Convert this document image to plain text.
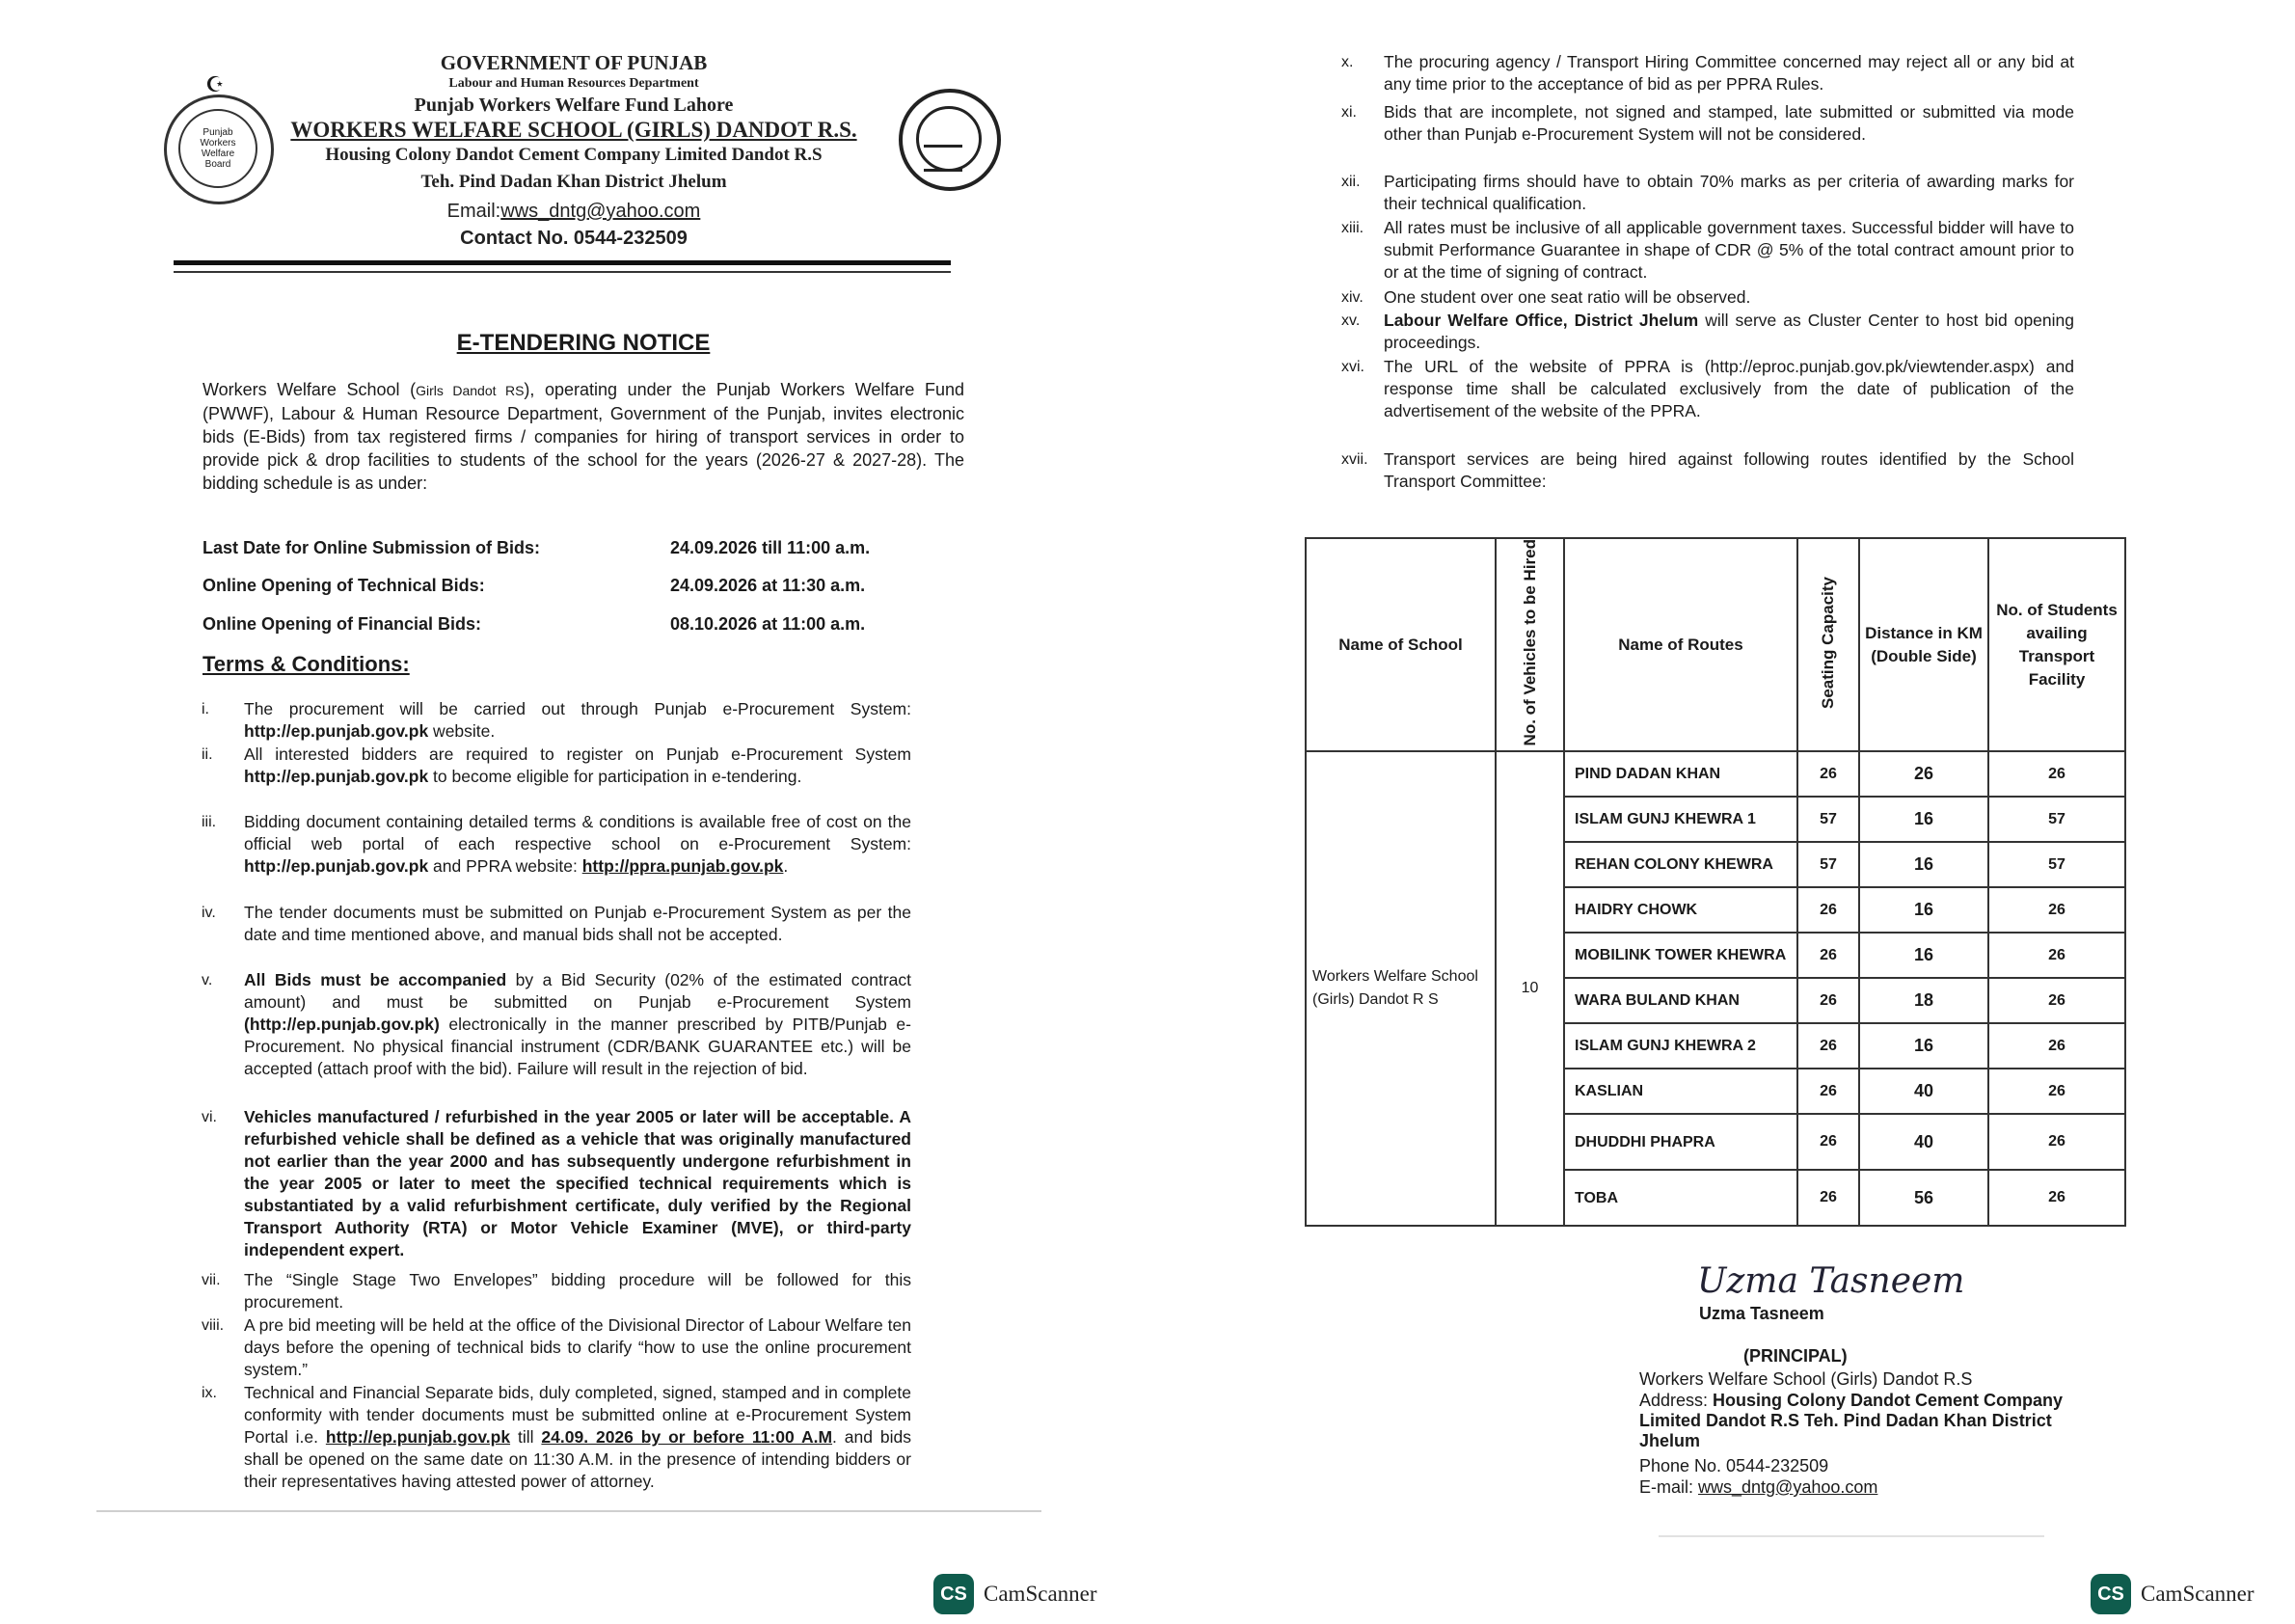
☪
Punjab
Workers
Welfare
Board
GOVERNMENT OF PUNJAB
Labour and Human Resources Department
Punjab Workers Welfare Fund Lahore
WORKERS WELFARE SCHOOL (GIRLS) DANDOT R.S.
Housing Colony Dandot Cement Company Limited Dandot R.S
Teh. Pind Dadan Khan District Jhelum
Email:wws_dntg@yahoo.com
Contact No. 0544-232509
E-TENDERING NOTICE
Workers Welfare School (Girls Dandot RS), operating under the Punjab Workers Welfare Fund (PWWF), Labour & Human Resource Department, Government of the Punjab, invites electronic bids (E-Bids) from tax registered firms / companies for hiring of transport services in order to provide pick & drop facilities to students of the school for the years (2026-27 & 2027-28). The bidding schedule is as under:
Last Date for Online Submission of Bids:	24.09.2026 till 11:00 a.m.
Online Opening of Technical Bids:	24.09.2026 at 11:30 a.m.
Online Opening of Financial Bids:	08.10.2026 at 11:00 a.m.
Terms & Conditions:
i. The procurement will be carried out through Punjab e-Procurement System: http://ep.punjab.gov.pk website.
ii. All interested bidders are required to register on Punjab e-Procurement System http://ep.punjab.gov.pk to become eligible for participation in e-tendering.
iii. Bidding document containing detailed terms & conditions is available free of cost on the official web portal of each respective school on e-Procurement System: http://ep.punjab.gov.pk and PPRA website: http://ppra.punjab.gov.pk.
iv. The tender documents must be submitted on Punjab e-Procurement System as per the date and time mentioned above, and manual bids shall not be accepted.
v. All Bids must be accompanied by a Bid Security (02% of the estimated contract amount) and must be submitted on Punjab e-Procurement System (http://ep.punjab.gov.pk) electronically in the manner prescribed by PITB/Punjab e-Procurement. No physical financial instrument (CDR/BANK GUARANTEE etc.) will be accepted (attach proof with the bid). Failure will result in the rejection of bid.
vi. Vehicles manufactured / refurbished in the year 2005 or later will be acceptable. A refurbished vehicle shall be defined as a vehicle that was originally manufactured not earlier than the year 2000 and has subsequently undergone refurbishment in the year 2005 or later to meet the specified technical requirements which is substantiated by a valid refurbishment certificate, duly verified by the Regional Transport Authority (RTA) or Motor Vehicle Examiner (MVE), or third-party independent expert.
vii. The “Single Stage Two Envelopes” bidding procedure will be followed for this procurement.
viii. A pre bid meeting will be held at the office of the Divisional Director of Labour Welfare ten days before the opening of technical bids to clarify “how to use the online procurement system.”
ix. Technical and Financial Separate bids, duly completed, signed, stamped and in complete conformity with tender documents must be submitted online at e-Procurement System Portal i.e. http://ep.punjab.gov.pk till 24.09. 2026 by or before 11:00 A.M. and bids shall be opened on the same date on 11:30 A.M. in the presence of intending bidders or their representatives having attested power of attorney.
CS CamScanner
x. The procuring agency / Transport Hiring Committee concerned may reject all or any bid at any time prior to the acceptance of bid as per PPRA Rules.
xi. Bids that are incomplete, not signed and stamped, late submitted or submitted via mode other than Punjab e-Procurement System will not be considered.
xii. Participating firms should have to obtain 70% marks as per criteria of awarding marks for their technical qualification.
xiii. All rates must be inclusive of all applicable government taxes. Successful bidder will have to submit Performance Guarantee in shape of CDR @ 5% of the total contract amount prior to or at the time of signing of contract.
xiv. One student over one seat ratio will be observed.
xv. Labour Welfare Office, District Jhelum will serve as Cluster Center to host bid opening proceedings.
xvi. The URL of the website of PPRA is (http://eproc.punjab.gov.pk/viewtender.aspx) and response time shall be calculated exclusively from the date of publication of the advertisement of the website of the PPRA.
xvii. Transport services are being hired against following routes identified by the School Transport Committee:
Name of School	No. of Vehicles to be Hired	Name of Routes	Seating Capacity	Distance in KM (Double Side)	No. of Students availing Transport Facility
Workers Welfare School (Girls) Dandot R S	10	PIND DADAN KHAN	26	26	26
		ISLAM GUNJ KHEWRA 1	57	16	57
		REHAN COLONY KHEWRA	57	16	57
		HAIDRY CHOWK	26	16	26
		MOBILINK TOWER KHEWRA	26	16	26
		WARA BULAND KHAN	26	18	26
		ISLAM GUNJ KHEWRA 2	26	16	26
		KASLIAN	26	40	26
		DHUDDHI PHAPRA	26	40	26
		TOBA	26	56	26
Uzma Tasneem
Uzma Tasneem
(PRINCIPAL)
Workers Welfare School (Girls) Dandot R.S
Address: Housing Colony Dandot Cement Company Limited Dandot R.S Teh. Pind Dadan Khan District Jhelum
Phone No. 0544-232509
E-mail: wws_dntg@yahoo.com
CS CamScanner
